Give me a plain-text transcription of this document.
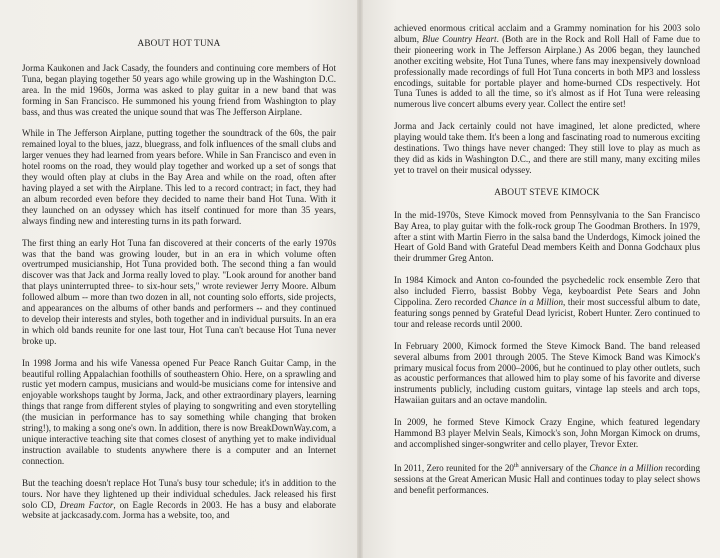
ABOUT HOT TUNA

Jorma Kaukonen and Jack Casady, the founders and continuing core members of Hot Tuna, began playing together 50 years ago while growing up in the Washington D.C. area. In the mid 1960s, Jorma was asked to play guitar in a new band that was forming in San Francisco. He summoned his young friend from Washington to play bass, and thus was created the unique sound that was The Jefferson Airplane.

While in The Jefferson Airplane, putting together the soundtrack of the 60s, the pair remained loyal to the blues, jazz, bluegrass, and folk influences of the small clubs and larger venues they had learned from years before. While in San Francisco and even in hotel rooms on the road, they would play together and worked up a set of songs that they would often play at clubs in the Bay Area and while on the road, often after having played a set with the Airplane. This led to a record contract; in fact, they had an album recorded even before they decided to name their band Hot Tuna. With it they launched on an odyssey which has itself continued for more than 35 years, always finding new and interesting turns in its path forward.

The first thing an early Hot Tuna fan discovered at their concerts of the early 1970s was that the band was growing louder, but in an era in which volume often overtrumped musicianship, Hot Tuna provided both. The second thing a fan would discover was that Jack and Jorma really loved to play. "Look around for another band that plays uninterrupted three- to six-hour sets," wrote reviewer Jerry Moore. Album followed album -- more than two dozen in all, not counting solo efforts, side projects, and appearances on the albums of other bands and performers -- and they continued to develop their interests and styles, both together and in individual pursuits. In an era in which old bands reunite for one last tour, Hot Tuna can't because Hot Tuna never broke up.

In 1998 Jorma and his wife Vanessa opened Fur Peace Ranch Guitar Camp, in the beautiful rolling Appalachian foothills of southeastern Ohio. Here, on a sprawling and rustic yet modern campus, musicians and would-be musicians come for intensive and enjoyable workshops taught by Jorma, Jack, and other extraordinary players, learning things that range from different styles of playing to songwriting and even storytelling (the musician in performance has to say something while changing that broken string!), to making a song one's own. In addition, there is now BreakDownWay.com, a unique interactive teaching site that comes closest of anything yet to make individual instruction available to students anywhere there is a computer and an Internet connection.

But the teaching doesn't replace Hot Tuna's busy tour schedule; it's in addition to the tours. Nor have they lightened up their individual schedules. Jack released his first solo CD, Dream Factor, on Eagle Records in 2003. He has a busy and elaborate website at jackcasady.com. Jorma has a website, too, and

achieved enormous critical acclaim and a Grammy nomination for his 2003 solo album, Blue Country Heart. (Both are in the Rock and Roll Hall of Fame due to their pioneering work in The Jefferson Airplane.) As 2006 began, they launched another exciting website, Hot Tuna Tunes, where fans may inexpensively download professionally made recordings of full Hot Tuna concerts in both MP3 and lossless encodings, suitable for portable player and home-burned CDs respectively. Hot Tuna Tunes is added to all the time, so it's almost as if Hot Tuna were releasing numerous live concert albums every year. Collect the entire set!

Jorma and Jack certainly could not have imagined, let alone predicted, where playing would take them. It's been a long and fascinating road to numerous exciting destinations. Two things have never changed: They still love to play as much as they did as kids in Washington D.C., and there are still many, many exciting miles yet to travel on their musical odyssey.

ABOUT STEVE KIMOCK

In the mid-1970s, Steve Kimock moved from Pennsylvania to the San Francisco Bay Area, to play guitar with the folk-rock group The Goodman Brothers. In 1979, after a stint with Martin Fierro in the salsa band the Underdogs, Kimock joined the Heart of Gold Band with Grateful Dead members Keith and Donna Godchaux plus their drummer Greg Anton.

In 1984 Kimock and Anton co-founded the psychedelic rock ensemble Zero that also included Fierro, bassist Bobby Vega, keyboardist Pete Sears and John Cippolina. Zero recorded Chance in a Million, their most successful album to date, featuring songs penned by Grateful Dead lyricist, Robert Hunter. Zero continued to tour and release records until 2000.

In February 2000, Kimock formed the Steve Kimock Band. The band released several albums from 2001 through 2005. The Steve Kimock Band was Kimock's primary musical focus from 2000–2006, but he continued to play other outlets, such as acoustic performances that allowed him to play some of his favorite and diverse instruments publicly, including custom guitars, vintage lap steels and arch tops, Hawaiian guitars and an octave mandolin.

In 2009, he formed Steve Kimock Crazy Engine, which featured legendary Hammond B3 player Melvin Seals, Kimock's son, John Morgan Kimock on drums, and accomplished singer-songwriter and cello player, Trevor Exter.

In 2011, Zero reunited for the 20th anniversary of the Chance in a Million recording sessions at the Great American Music Hall and continues today to play select shows and benefit performances.
